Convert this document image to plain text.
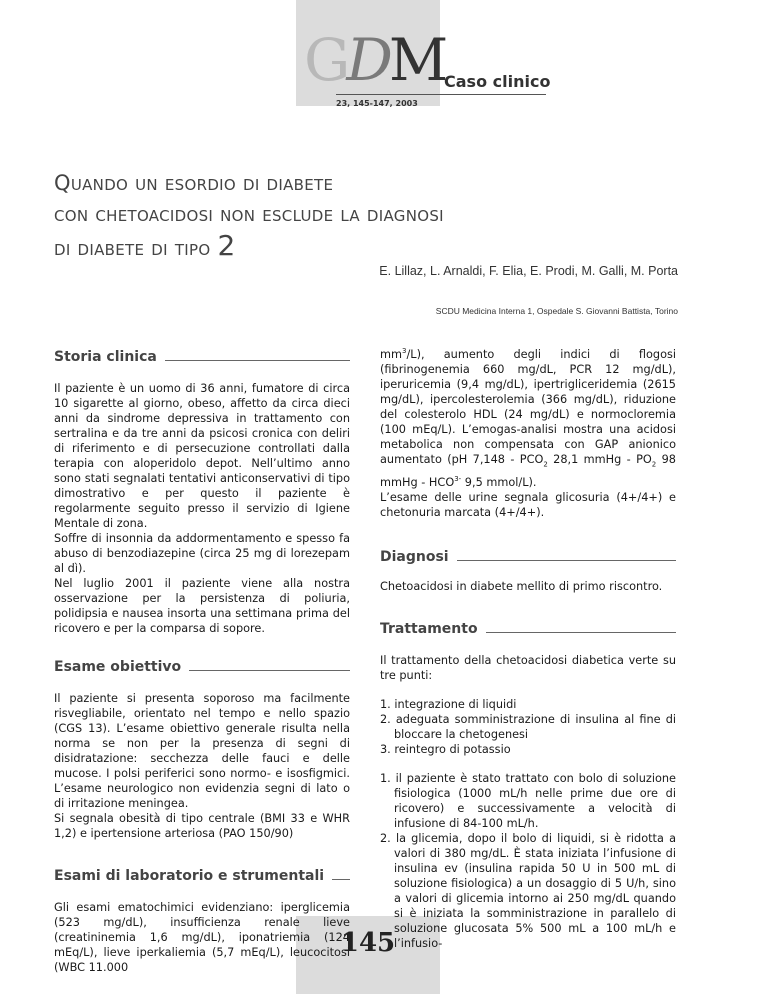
GDM Caso clinico
23, 145-147, 2003
Quando un esordio di diabete
con chetoacidosi non esclude la diagnosi
di diabete di tipo 2
E. Lillaz, L. Arnaldi, F. Elia, E. Prodi, M. Galli, M. Porta
SCDU Medicina Interna 1, Ospedale S. Giovanni Battista, Torino
Storia clinica

Il paziente è un uomo di 36 anni, fumatore di circa 10 sigarette al giorno, obeso, affetto da circa dieci anni da sindrome depressiva in trattamento con sertralina e da tre anni da psicosi cronica con deliri di riferimento e di persecuzione controllati dalla terapia con aloperidolo depot. Nell’ultimo anno sono stati segnalati tentativi anticonservativi di tipo dimostrativo e per questo il paziente è regolarmente seguito presso il servizio di Igiene Mentale di zona.

Soffre di insonnia da addormentamento e spesso fa abuso di benzodiazepine (circa 25 mg di lorezepam al dì).

Nel luglio 2001 il paziente viene alla nostra osservazione per la persistenza di poliuria, polidipsia e nausea insorta una settimana prima del ricovero e per la comparsa di sopore.

Esame obiettivo

Il paziente si presenta soporoso ma facilmente risvegliabile, orientato nel tempo e nello spazio (CGS 13). L’esame obiettivo generale risulta nella norma se non per la presenza di segni di disidratazione: secchezza delle fauci e delle mucose. I polsi periferici sono normo- e isosfigmici. L’esame neurologico non evidenzia segni di lato o di irritazione meningea.

Si segnala obesità di tipo centrale (BMI 33 e WHR 1,2) e ipertensione arteriosa (PAO 150/90)

Esami di laboratorio e strumentali

Gli esami ematochimici evidenziano: iperglicemia (523 mg/dL), insufficienza renale lieve (creatininemia 1,6 mg/dL), iponatriemia (124 mEq/L), lieve iperkaliemia (5,7 mEq/L), leucocitosi (WBC 11.000

$mm^3/L$), aumento degli indici di flogosi (fibrinogenemia 660 mg/dL, PCR 12 mg/dL), iperuricemia (9,4 mg/dL), ipertrigliceridemia (2615 mg/dL), ipercolesterolemia (366 mg/dL), riduzione del colesterolo HDL (24 mg/dL) e normocloremia (100 mEq/L). L’emogas-analisi mostra una acidosi metabolica non compensata con GAP anionico aumentato (pH $7,148 - PCO_2$ 28,1 mmHg - $PO_2$ 98 mmHg - $HCO^{3-}$ 9,5 mmol/L).

L’esame delle urine segnala glicosuria (4+/4+) e chetonuria marcata (4+/4+).

Diagnosi

Chetoacidosi in diabete mellito di primo riscontro.

Trattamento

Il trattamento della chetoacidosi diabetica verte su tre punti:

1. integrazione di liquidi
2. adeguata somministrazione di insulina al fine di bloccare la chetogenesi
3. reintegro di potassio
1. il paziente è stato trattato con bolo di soluzione fisiologica (1000 mL/h nelle prime due ore di ricovero) e successivamente a velocità di infusione di 84-100 mL/h.
2. la glicemia, dopo il bolo di liquidi, si è ridotta a valori di 380 mg/dL. È stata iniziata l’infusione di insulina ev (insulina rapida 50 U in 500 mL di soluzione fisiologica) a un dosaggio di 5 U/h, sino a valori di glicemia intorno ai 250 mg/dL quando si è iniziata la somministrazione in parallelo di soluzione glucosata 5% 500 mL a 100 mL/h e l’infusio-
145
